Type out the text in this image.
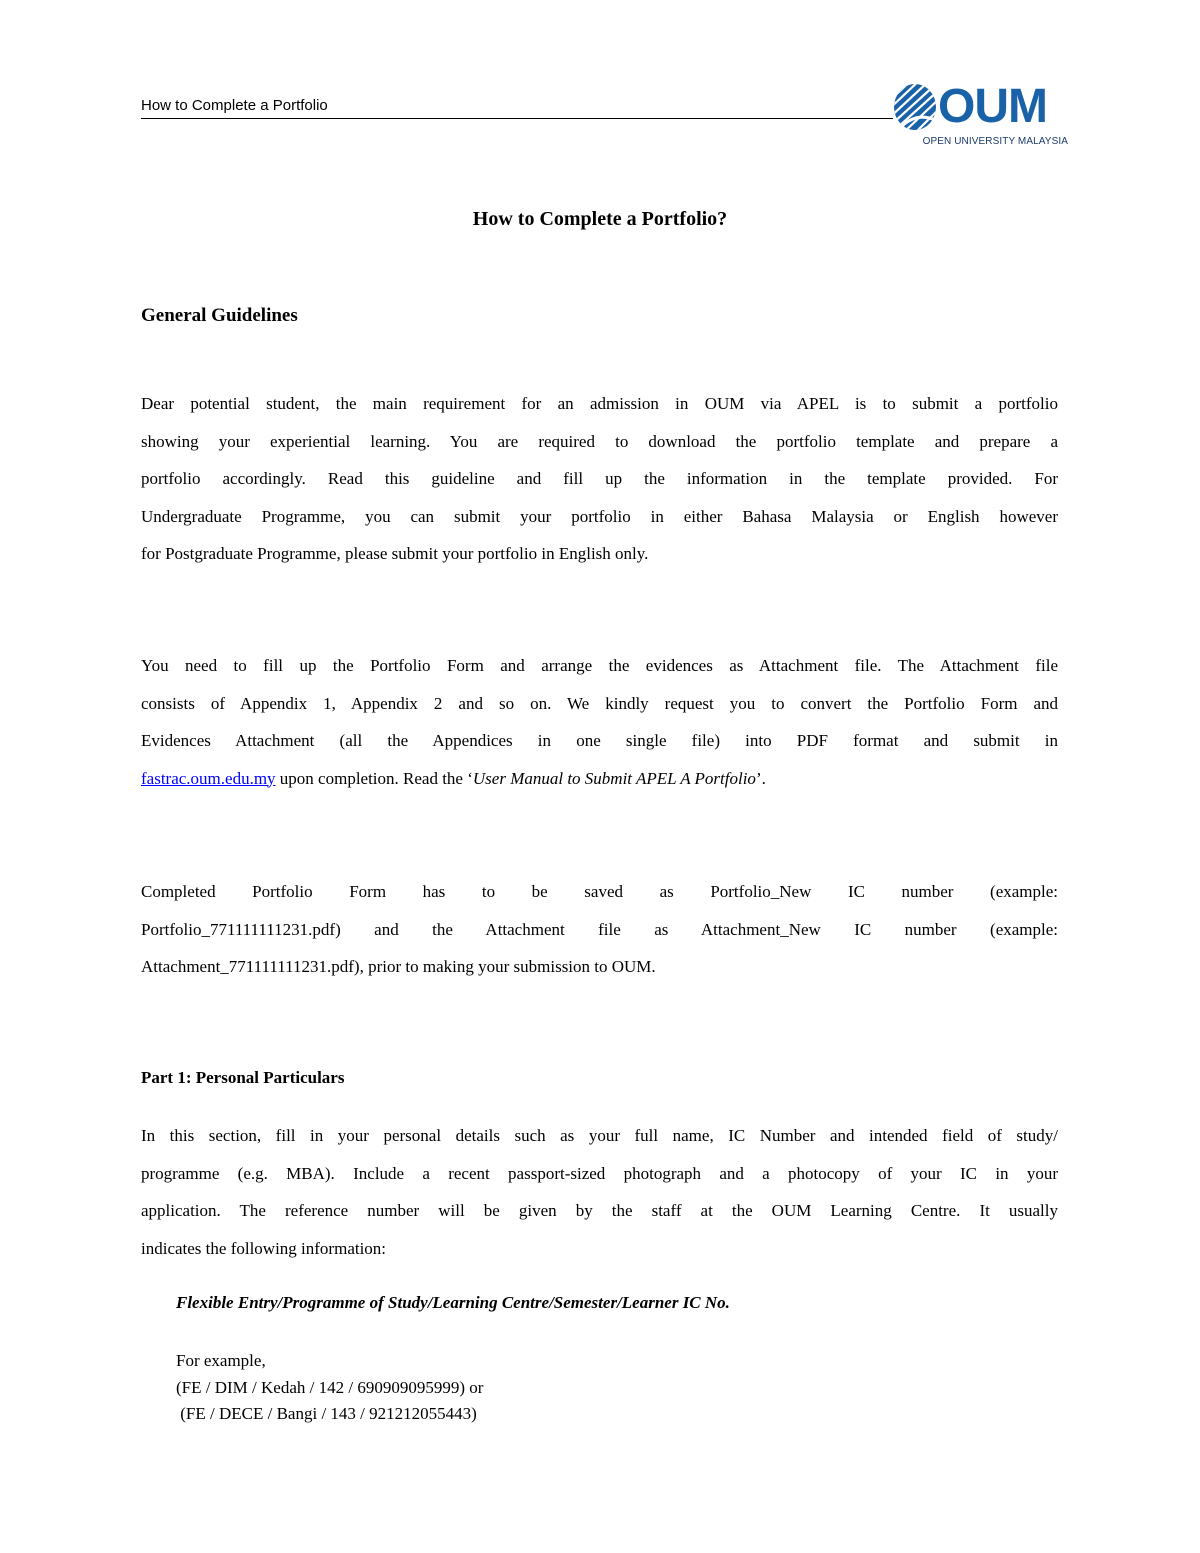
How to Complete a Portfolio	OUM
OPEN UNIVERSITY MALAYSIA
How to Complete a Portfolio?
General Guidelines
Dear potential student, the main requirement for an admission in OUM via APEL is to submit a portfolio
showing your experiential learning. You are required to download the portfolio template and prepare a
portfolio accordingly. Read this guideline and fill up the information in the template provided. For
Undergraduate Programme, you can submit your portfolio in either Bahasa Malaysia or English however
for Postgraduate Programme, please submit your portfolio in English only.
You need to fill up the Portfolio Form and arrange the evidences as Attachment file. The Attachment file
consists of Appendix 1, Appendix 2 and so on. We kindly request you to convert the Portfolio Form and
Evidences Attachment (all the Appendices in one single file) into PDF format and submit in
fastrac.oum.edu.my upon completion. Read the ‘User Manual to Submit APEL A Portfolio’.
Completed Portfolio Form has to be saved as Portfolio_New IC number (example:
Portfolio_771111111231.pdf) and the Attachment file as Attachment_New IC number (example:
Attachment_771111111231.pdf), prior to making your submission to OUM.
Part 1: Personal Particulars
In this section, fill in your personal details such as your full name, IC Number and intended field of study/
programme (e.g. MBA). Include a recent passport-sized photograph and a photocopy of your IC in your
application. The reference number will be given by the staff at the OUM Learning Centre. It usually
indicates the following information:
Flexible Entry/Programme of Study/Learning Centre/Semester/Learner IC No.
For example,
(FE / DIM / Kedah / 142 / 690909095999) or
(FE / DECE / Bangi / 143 / 921212055443)
